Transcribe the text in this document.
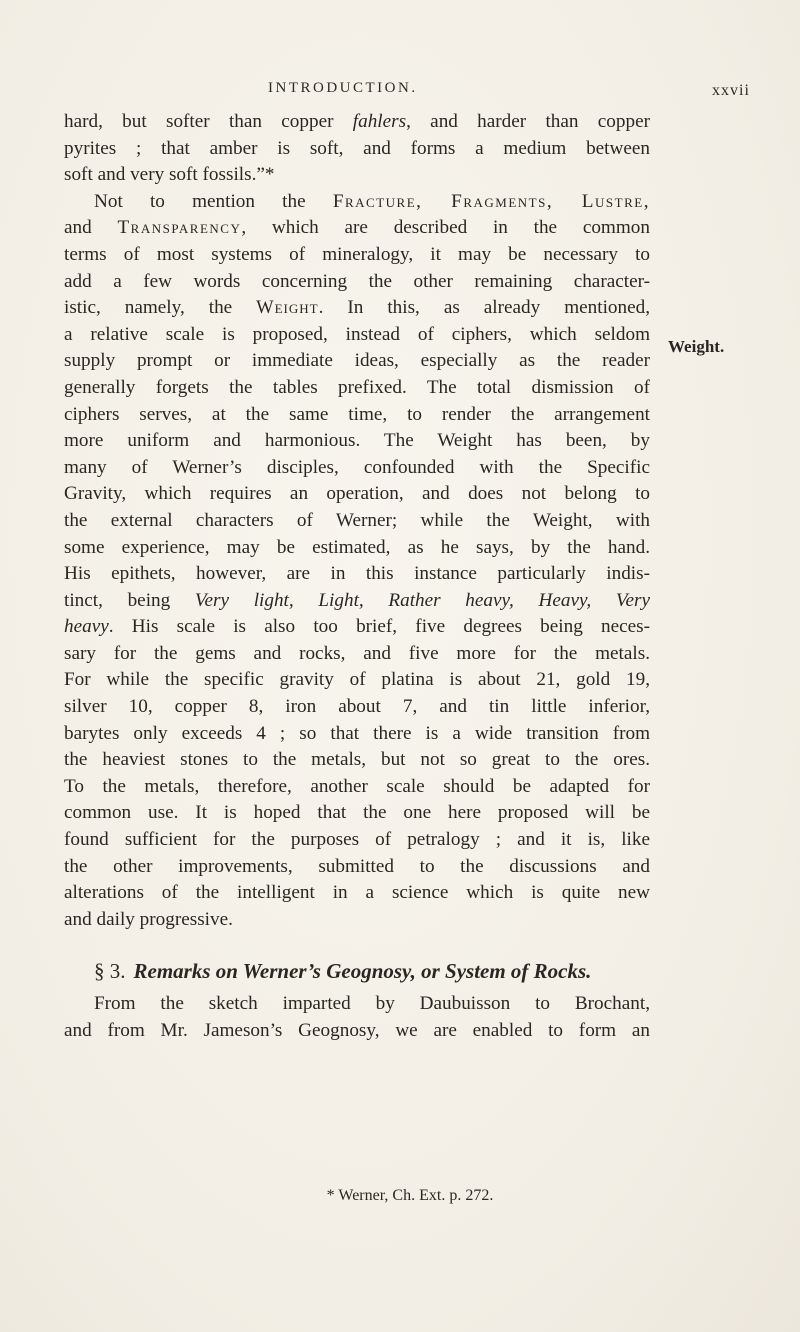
INTRODUCTION.	xxvii
Weight.
hard, but softer than copper fahlers, and harder than copper
pyrites ; that amber is soft, and forms a medium between
soft and very soft fossils.”*
Not to mention the Fracture, Fragments, Lustre,
and Transparency, which are described in the common
terms of most systems of mineralogy, it may be necessary to
add a few words concerning the other remaining character-
istic, namely, the Weight. In this, as already mentioned,
a relative scale is proposed, instead of ciphers, which seldom
supply prompt or immediate ideas, especially as the reader
generally forgets the tables prefixed. The total dismission of
ciphers serves, at the same time, to render the arrangement
more uniform and harmonious. The Weight has been, by
many of Werner’s disciples, confounded with the Specific
Gravity, which requires an operation, and does not belong to
the external characters of Werner; while the Weight, with
some experience, may be estimated, as he says, by the hand.
His epithets, however, are in this instance particularly indis-
tinct, being Very light, Light, Rather heavy, Heavy, Very
heavy. His scale is also too brief, five degrees being neces-
sary for the gems and rocks, and five more for the metals.
For while the specific gravity of platina is about 21, gold 19,
silver 10, copper 8, iron about 7, and tin little inferior,
barytes only exceeds 4 ; so that there is a wide transition from
the heaviest stones to the metals, but not so great to the ores.
To the metals, therefore, another scale should be adapted for
common use. It is hoped that the one here proposed will be
found sufficient for the purposes of petralogy ; and it is, like
the other improvements, submitted to the discussions and
alterations of the intelligent in a science which is quite new
and daily progressive.
§ 3. Remarks on Werner’s Geognosy, or System of Rocks.
From the sketch imparted by Daubuisson to Brochant,
and from Mr. Jameson’s Geognosy, we are enabled to form an
* Werner, Ch. Ext. p. 272.
